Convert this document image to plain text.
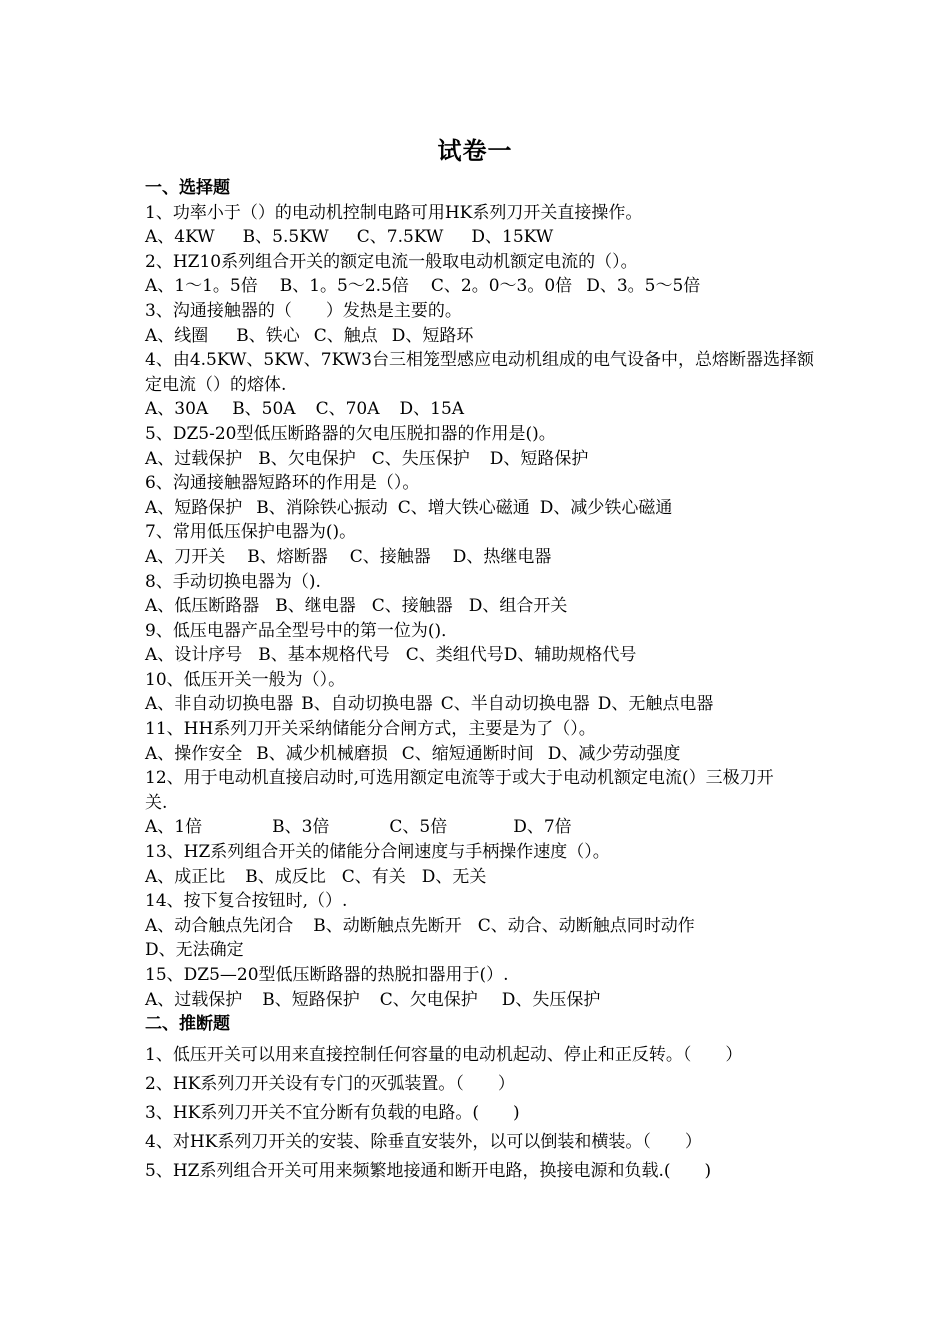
试卷一
一、选择题
1、功率小于（）的电动机控制电路可用HK系列刀开关直接操作。
A、4KW B、5.5KW C、7.5KW D、15KW
2、HZ10系列组合开关的额定电流一般取电动机额定电流的（）。
A、1～1。5倍 B、1。5～2.5倍 C、2。0～3。0倍 D、3。5～5倍
3、沟通接触器的（　　）发热是主要的。
A、线圈 B、铁心 C、触点 D、短路环
4、由4.5KW、5KW、7KW3台三相笼型感应电动机组成的电气设备中，总熔断器选择额定电流（）的熔体.
A、30A B、50A C、70A D、15A
5、DZ5-20型低压断路器的欠电压脱扣器的作用是()。
A、过载保护 B、欠电保护 C、失压保护 D、短路保护
6、沟通接触器短路环的作用是（）。
A、短路保护 B、消除铁心振动 C、增大铁心磁通 D、减少铁心磁通
7、常用低压保护电器为()。
A、刀开关 B、熔断器 C、接触器 D、热继电器
8、手动切换电器为（).
A、低压断路器 B、继电器 C、接触器 D、组合开关
9、低压电器产品全型号中的第一位为()．
A、设计序号 B、基本规格代号 C、类组代号D、辅助规格代号
10、低压开关一般为（）。
A、非自动切换电器 B、自动切换电器 C、半自动切换电器 D、无触点电器
11、HH系列刀开关采纳储能分合闸方式，主要是为了（）。
A、操作安全 B、减少机械磨损 C、缩短通断时间 D、减少劳动强度
12、用于电动机直接启动时,可选用额定电流等于或大于电动机额定电流(）三极刀开关.
A、1倍	B、3倍	C、5倍	D、7倍
13、HZ系列组合开关的储能分合闸速度与手柄操作速度（）。
A、成正比 B、成反比 C、有关 D、无关
14、按下复合按钮时,（）.
A、动合触点先闭合 B、动断触点先断开 C、动合、动断触点同时动作
D、无法确定
15、DZ5—20型低压断路器的热脱扣器用于(）.
A、过载保护 B、短路保护 C、欠电保护 D、失压保护
二、推断题
1、低压开关可以用来直接控制任何容量的电动机起动、停止和正反转。（　　）
2、HK系列刀开关设有专门的灭弧装置。（　　）
3、HK系列刀开关不宜分断有负载的电路。(　　)
4、对HK系列刀开关的安装、除垂直安装外，以可以倒装和横装。（　　）
5、HZ系列组合开关可用来频繁地接通和断开电路，换接电源和负载.(　　)
